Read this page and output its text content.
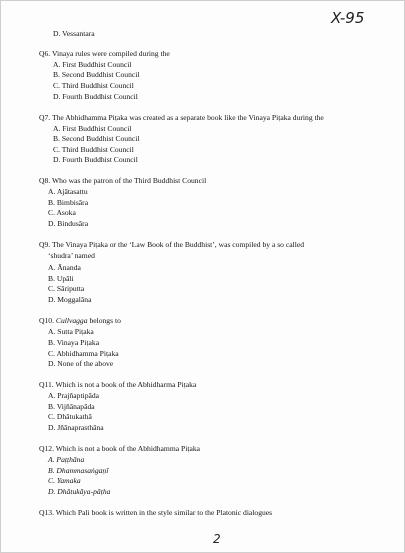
X-95
D. Vessantara
Q6. Vinaya rules were compiled during the
A. First Buddhist Council
B. Second Buddhist Council
C. Third Buddhist Council
D. Fourth Buddhist Council
Q7. The Abhidhamma Piṭaka was created as a separate book like the Vinaya Piṭaka during the
A. First Buddhist Council
B. Second Buddhist Council
C. Third Buddhist Council
D. Fourth Buddhist Council
Q8. Who was the patron of the Third Buddhist Council
A. Ajātasattu
B. Bimbisāra
C. Asoka
D. Bindusāra
Q9. The Vinaya Piṭaka or the ‘Law Book of the Buddhist’, was compiled by a so called
‘shudra’ named
A. Ānanda
B. Upāli
C. Sāriputta
D. Moggalāna
Q10. Cullvagga belongs to
A. Sutta Piṭaka
B. Vinaya Piṭaka
C. Abhidhamma Piṭaka
D. None of the above
Q11. Which is not a book of the Abhidharma Piṭaka
A. Prajñaptipāda
B. Vijñānapāda
C. Dhātukathā
D. Jñānaprasthāna
Q12. Which is not a book of the Abhidhamma Piṭaka
A. Paṭṭhāna
B. Dhammasaṅgaṇī
C. Yamaka
D. Dhātukāya-pāṭha
Q13. Which Pali book is written in the style similar to the Platonic dialogues
2
